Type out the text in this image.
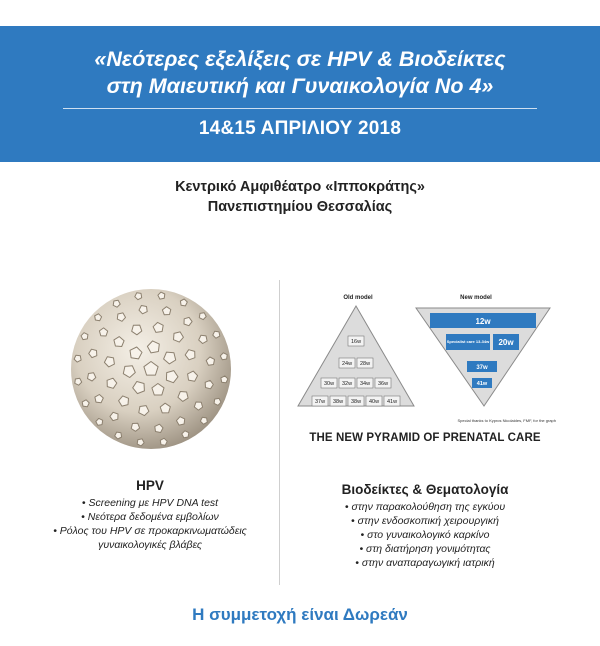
«Νεότερες εξελίξεις σε HPV & Βιοδείκτες
στη Μαιευτική και Γυναικολογία Νο 4»
14&15 ΑΠΡΙΛΙΟΥ 2018
Κεντρικό Αμφιθέατρο «Ιπποκράτης»
Πανεπιστημίου Θεσσαλίας
HPV
• Screening με HPV DNA test
• Νεότερα δεδομένα εμβολίων
• Ρόλος του HPV σε προκαρκινωματώδεις
γυναικολογικές βλάβες
Old model	New model
16w
24w 28w
30w 32w 34w 36w
37w 38w 38w 40w 41w
12w
Specialist care 13-34w 20w
37w
41w
Special thanks to Kypros Nicolaides, FMF, for the graph
THE NEW PYRAMID OF PRENATAL CARE
Βιοδείκτες & Θεματολογία
• στην παρακολούθηση της εγκύου
• στην ενδοσκοπική χειρουργική
• στο γυναικολογικό καρκίνο
• στη διατήρηση γονιμότητας
• στην αναπαραγωγική ιατρική
Η συμμετοχή είναι Δωρεάν
